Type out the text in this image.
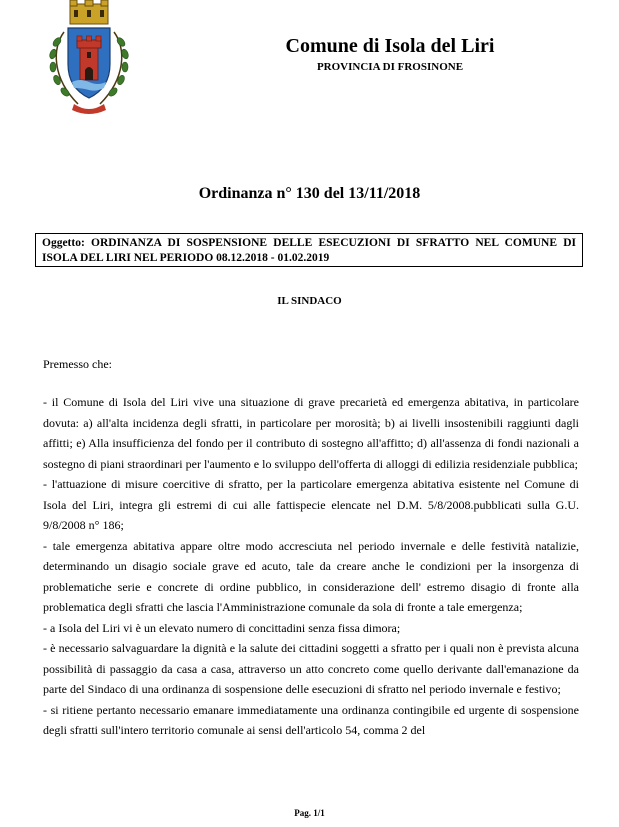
Comune di Isola del Liri
PROVINCIA DI FROSINONE
Ordinanza n° 130 del 13/11/2018
Oggetto: ORDINANZA DI SOSPENSIONE DELLE ESECUZIONI DI SFRATTO NEL COMUNE DI ISOLA DEL LIRI NEL PERIODO 08.12.2018 - 01.02.2019
IL SINDACO
Premesso che:

- il Comune di Isola del Liri vive una situazione di grave precarietà ed emergenza abitativa, in particolare dovuta: a) all'alta incidenza degli sfratti, in particolare per morosità; b) ai livelli insostenibili raggiunti dagli affitti; e) Alla insufficienza del fondo per il contributo di sostegno all'affitto; d) all'assenza di fondi nazionali a sostegno di piani straordinari per l'aumento e lo sviluppo dell'offerta di alloggi di edilizia residenziale pubblica;

- l'attuazione di misure coercitive di sfratto, per la particolare emergenza abitativa esistente nel Comune di Isola del Liri, integra gli estremi di cui alle fattispecie elencate nel D.M. 5/8/2008.pubblicati sulla G.U. 9/8/2008 n° 186;

- tale emergenza abitativa appare oltre modo accresciuta nel periodo invernale e delle festività natalizie, determinando un disagio sociale grave ed acuto, tale da creare anche le condizioni per la insorgenza di problematiche serie e concrete di ordine pubblico, in considerazione dell' estremo disagio di fronte alla problematica degli sfratti che lascia l'Amministrazione comunale da sola di fronte a tale emergenza;

- a Isola del Liri vi è un elevato numero di concittadini senza fissa dimora;

- è necessario salvaguardare la dignità e la salute dei cittadini soggetti a sfratto per i quali non è prevista alcuna possibilità di passaggio da casa a casa, attraverso un atto concreto come quello derivante dall'emanazione da parte del Sindaco di una ordinanza di sospensione delle esecuzioni di sfratto nel periodo invernale e festivo;

- si ritiene pertanto necessario emanare immediatamente una ordinanza contingibile ed urgente di sospensione degli sfratti sull'intero territorio comunale ai sensi dell'articolo 54, comma 2 del

Pag. 1/1
